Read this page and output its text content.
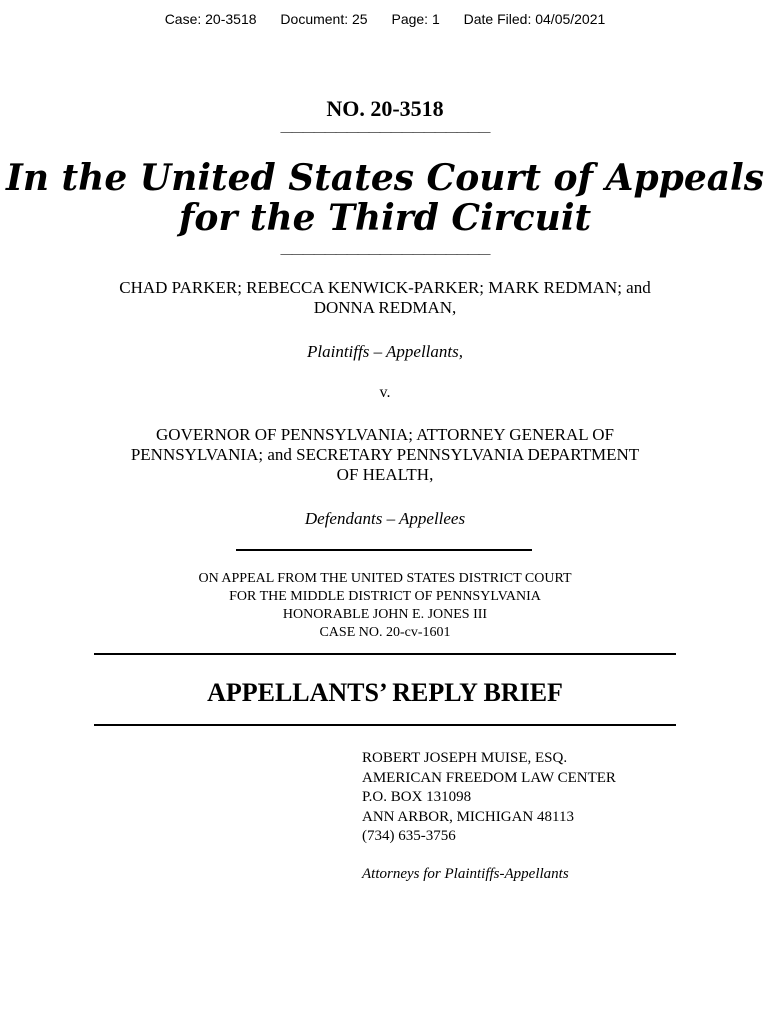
Case: 20-3518 Document: 25 Page: 1 Date Filed: 04/05/2021
NO. 20-3518
———————————————————
In the United States Court of Appeals
for the Third Circuit
———————————————————
CHAD PARKER; REBECCA KENWICK-PARKER; MARK REDMAN; and
DONNA REDMAN,
Plaintiffs – Appellants,
v.
GOVERNOR OF PENNSYLVANIA; ATTORNEY GENERAL OF
PENNSYLVANIA; and SECRETARY PENNSYLVANIA DEPARTMENT
OF HEALTH,
Defendants – Appellees
ON APPEAL FROM THE UNITED STATES DISTRICT COURT
FOR THE MIDDLE DISTRICT OF PENNSYLVANIA
HONORABLE JOHN E. JONES III
CASE NO. 20-cv-1601
APPELLANTS’ REPLY BRIEF
ROBERT JOSEPH MUISE, ESQ.
AMERICAN FREEDOM LAW CENTER
P.O. BOX 131098
ANN ARBOR, MICHIGAN 48113
(734) 635-3756
Attorneys for Plaintiffs-Appellants
